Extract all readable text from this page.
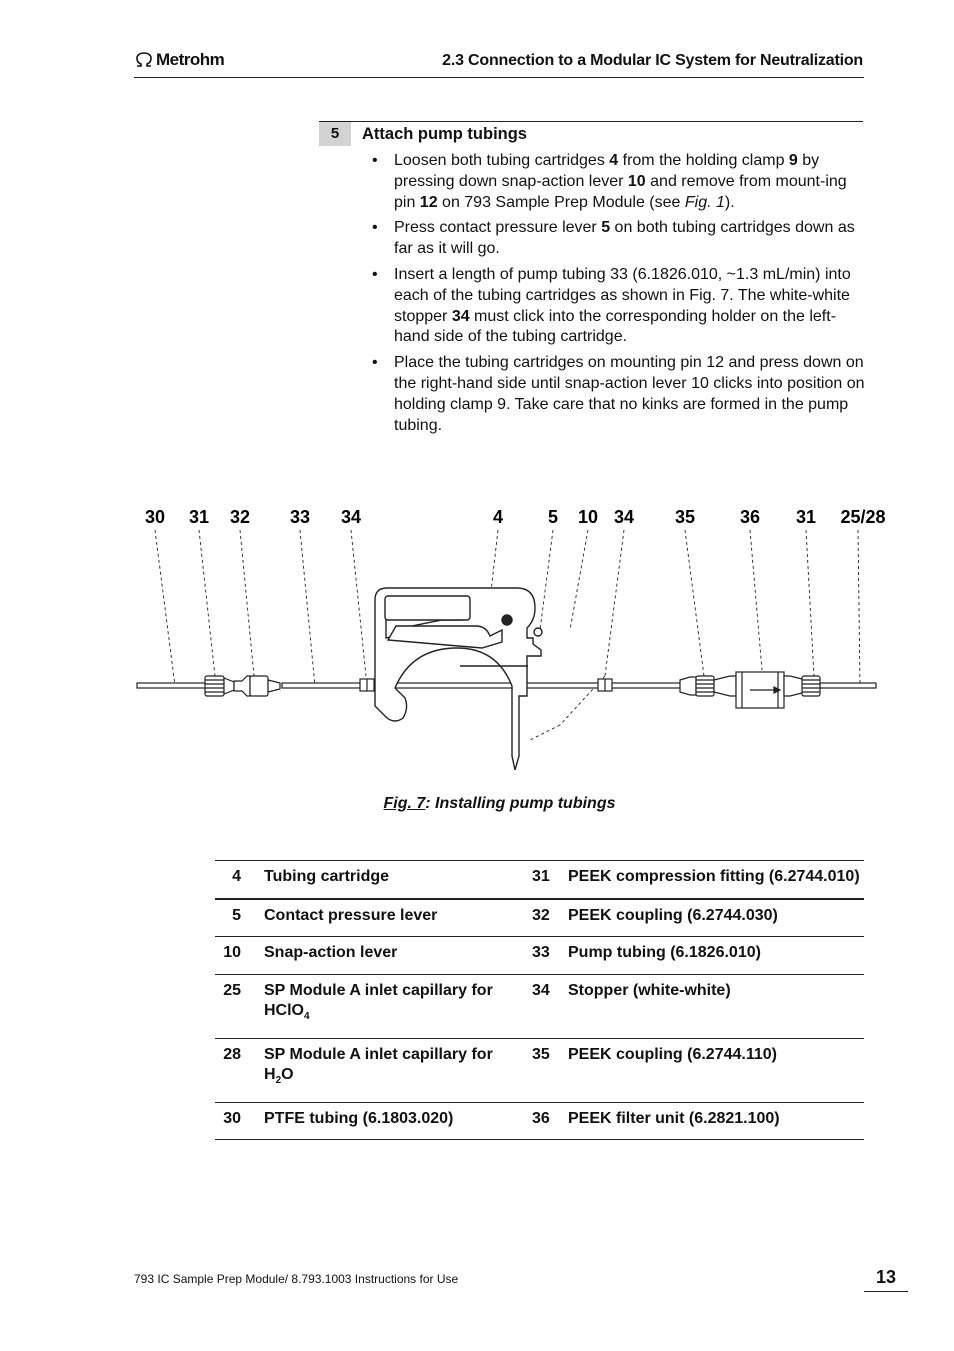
Metrohm	2.3 Connection to a Modular IC System for Neutralization
5	Attach pump tubings
• Loosen both tubing cartridges 4 from the holding clamp 9 by pressing down snap-action lever 10 and remove from mount-ing pin 12 on 793 Sample Prep Module (see Fig. 1).
• Press contact pressure lever 5 on both tubing cartridges down as far as it will go.
• Insert a length of pump tubing 33 (6.1826.010, ~1.3 mL/min) into each of the tubing cartridges as shown in Fig. 7. The white-white stopper 34 must click into the corresponding holder on the left-hand side of the tubing cartridge.
• Place the tubing cartridges on mounting pin 12 and press down on the right-hand side until snap-action lever 10 clicks into position on holding clamp 9. Take care that no kinks are formed in the pump tubing.
30 31 32 33 34	4 5 10 34 35 36 31 25/28
Fig. 7: Installing pump tubings
4	Tubing cartridge	31	PEEK compression fitting (6.2744.010)
5	Contact pressure lever	32	PEEK coupling (6.2744.030)
10	Snap-action lever	33	Pump tubing (6.1826.010)
25	SP Module A inlet capillary for HClO$_4$	34	Stopper (white-white)
28	SP Module A inlet capillary for $H_2O$	35	PEEK coupling (6.2744.110)
30	PTFE tubing (6.1803.020)	36	PEEK filter unit (6.2821.100)
793 IC Sample Prep Module/ 8.793.1003 Instructions for Use	13
